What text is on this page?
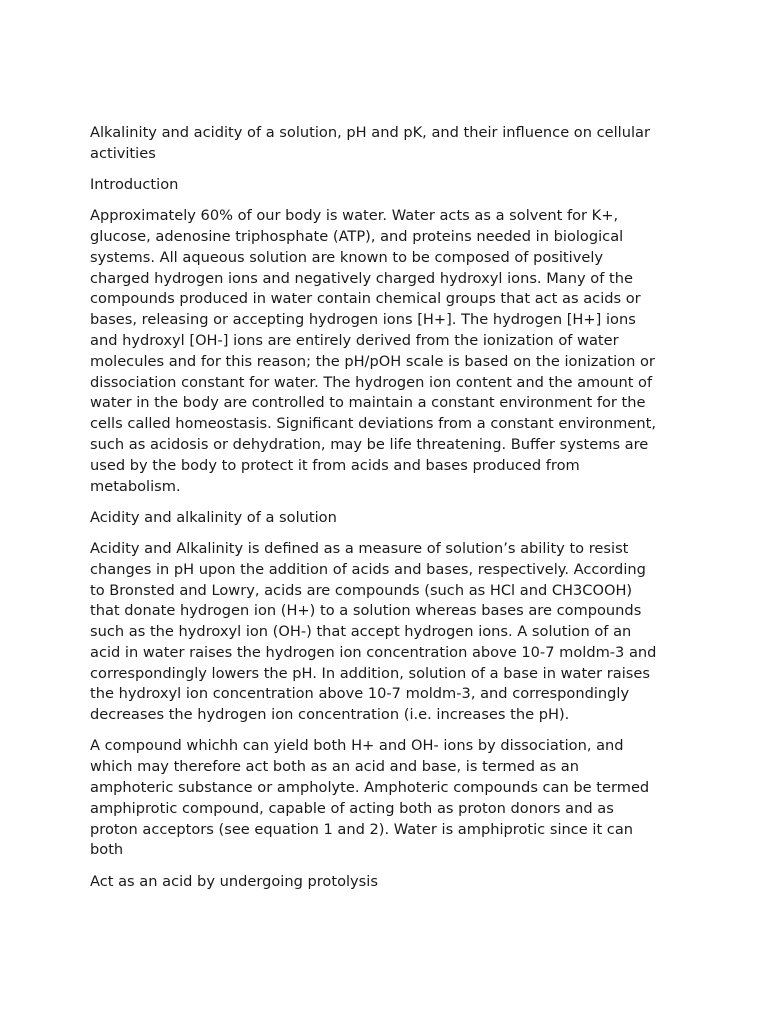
Alkalinity and acidity of a solution, pH and pK, and their influence on cellular
activities

Introduction

Approximately 60% of our body is water. Water acts as a solvent for K+,
glucose, adenosine triphosphate (ATP), and proteins needed in biological
systems. All aqueous solution are known to be composed of positively
charged hydrogen ions and negatively charged hydroxyl ions. Many of the
compounds produced in water contain chemical groups that act as acids or
bases, releasing or accepting hydrogen ions [H+]. The hydrogen [H+] ions
and hydroxyl [OH-] ions are entirely derived from the ionization of water
molecules and for this reason; the pH/pOH scale is based on the ionization or
dissociation constant for water. The hydrogen ion content and the amount of
water in the body are controlled to maintain a constant environment for the
cells called homeostasis. Significant deviations from a constant environment,
such as acidosis or dehydration, may be life threatening. Buffer systems are
used by the body to protect it from acids and bases produced from
metabolism.

Acidity and alkalinity of a solution

Acidity and Alkalinity is defined as a measure of solution’s ability to resist
changes in pH upon the addition of acids and bases, respectively. According
to Bronsted and Lowry, acids are compounds (such as HCl and CH3COOH)
that donate hydrogen ion (H+) to a solution whereas bases are compounds
such as the hydroxyl ion (OH-) that accept hydrogen ions. A solution of an
acid in water raises the hydrogen ion concentration above 10-7 moldm-3 and
correspondingly lowers the pH. In addition, solution of a base in water raises
the hydroxyl ion concentration above 10-7 moldm-3, and correspondingly
decreases the hydrogen ion concentration (i.e. increases the pH).

A compound whichh can yield both H+ and OH- ions by dissociation, and
which may therefore act both as an acid and base, is termed as an
amphoteric substance or ampholyte. Amphoteric compounds can be termed
amphiprotic compound, capable of acting both as proton donors and as
proton acceptors (see equation 1 and 2). Water is amphiprotic since it can
both

Act as an acid by undergoing protolysis
